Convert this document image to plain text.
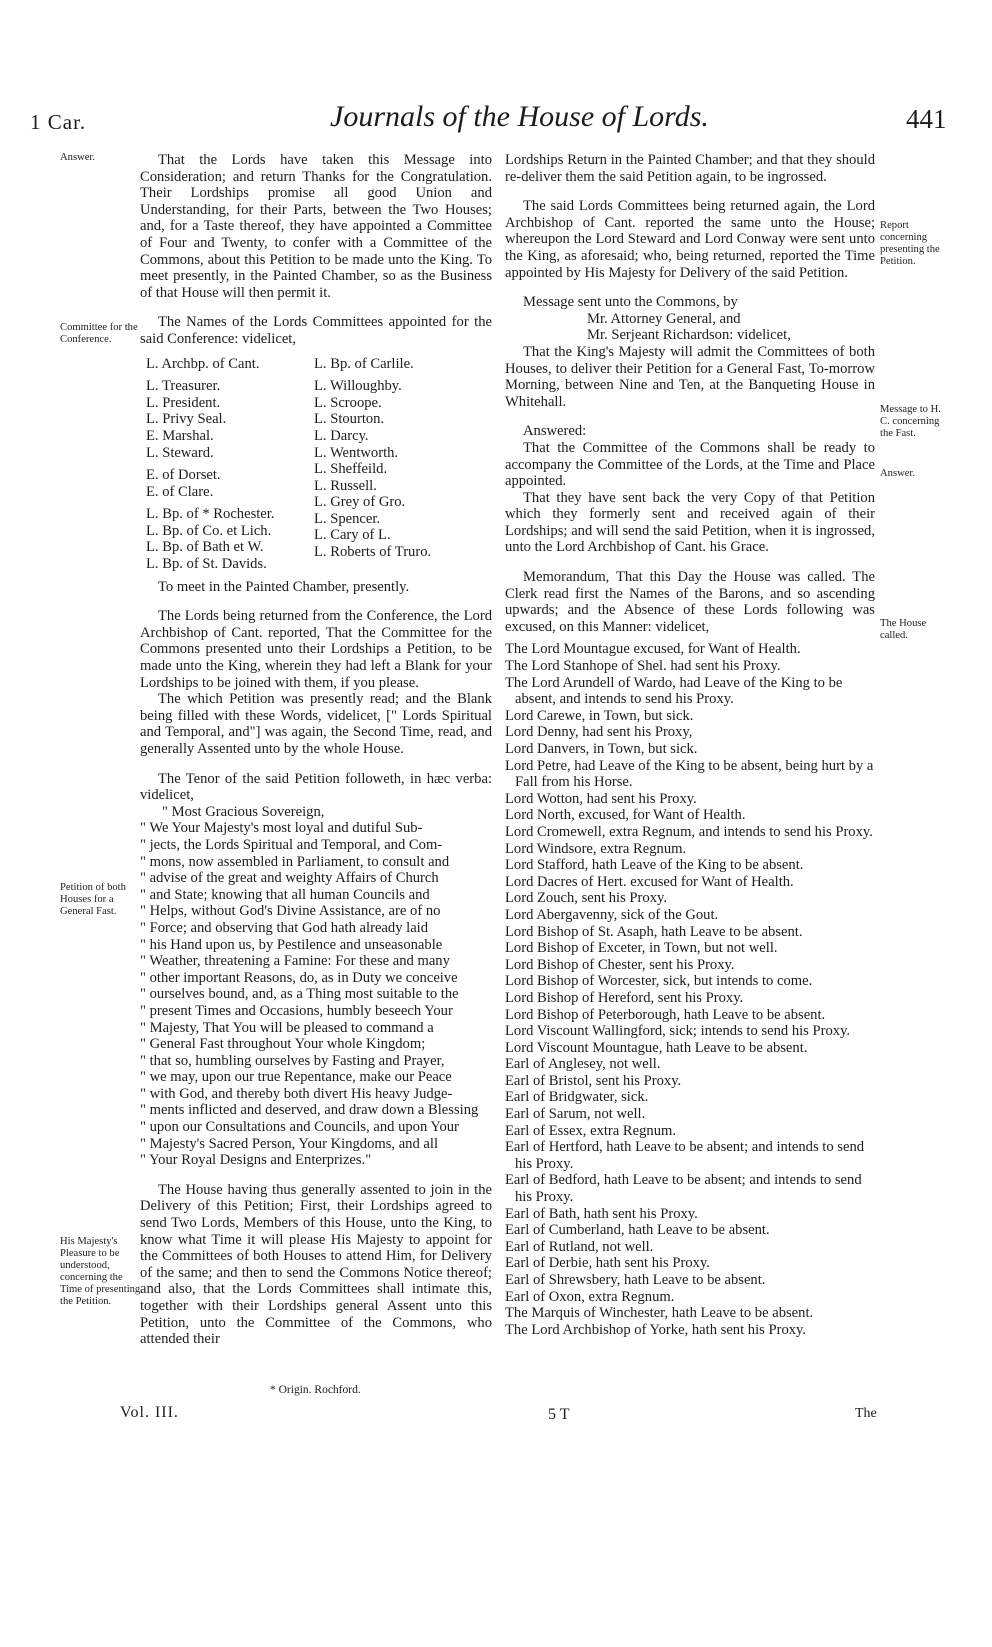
1 Car.	Journals of the House of Lords.	441
Answer.
Committee for the Conference.
Petition of both Houses for a General Fast.
His Majesty's Pleasure to be understood, concerning the Time of presenting the Petition.
Report concerning presenting the Petition.
Message to H. C. concerning the Fast.
Answer.
The House called.

That the Lords have taken this Message into Consideration; and return Thanks for the Congratulation. Their Lordships promise all good Union and Understanding, for their Parts, between the Two Houses; and, for a Taste thereof, they have appointed a Committee of Four and Twenty, to confer with a Committee of the Commons, about this Petition to be made unto the King. To meet presently, in the Painted Chamber, so as the Business of that House will then permit it.

The Names of the Lords Committees appointed for the said Conference: videlicet,

L. Archbp. of Cant.
L. Treasurer.
L. President.
L. Privy Seal.
E. Marshal.
L. Steward.
E. of Dorset.
E. of Clare.
L. Bp. of * Rochester.
L. Bp. of Co. et Lich.
L. Bp. of Bath et W.
L. Bp. of St. Davids.
L. Bp. of Carlile.
L. Willoughby.
L. Scroope.
L. Stourton.
L. Darcy.
L. Wentworth.
L. Sheffeild.
L. Russell.
L. Grey of Gro.
L. Spencer.
L. Cary of L.
L. Roberts of Truro.

To meet in the Painted Chamber, presently.

The Lords being returned from the Conference, the Lord Archbishop of Cant. reported, That the Committee for the Commons presented unto their Lordships a Petition, to be made unto the King, wherein they had left a Blank for your Lordships to be joined with them, if you please.

The which Petition was presently read; and the Blank being filled with these Words, videlicet, [" Lords Spiritual and Temporal, and"] was again, the Second Time, read, and generally Assented unto by the whole House.

The Tenor of the said Petition followeth, in hæc verba: videlicet,

" Most Gracious Sovereign,

" We Your Majesty's most loyal and dutiful Sub-

" jects, the Lords Spiritual and Temporal, and Com-

" mons, now assembled in Parliament, to consult and

" advise of the great and weighty Affairs of Church

" and State; knowing that all human Councils and

" Helps, without God's Divine Assistance, are of no

" Force; and observing that God hath already laid

" his Hand upon us, by Pestilence and unseasonable

" Weather, threatening a Famine: For these and many

" other important Reasons, do, as in Duty we conceive

" ourselves bound, and, as a Thing most suitable to the

" present Times and Occasions, humbly beseech Your

" Majesty, That You will be pleased to command a

" General Fast throughout Your whole Kingdom;

" that so, humbling ourselves by Fasting and Prayer,

" we may, upon our true Repentance, make our Peace

" with God, and thereby both divert His heavy Judge-

" ments inflicted and deserved, and draw down a Blessing

" upon our Consultations and Councils, and upon Your

" Majesty's Sacred Person, Your Kingdoms, and all

" Your Royal Designs and Enterprizes."

The House having thus generally assented to join in the Delivery of this Petition; First, their Lordships agreed to send Two Lords, Members of this House, unto the King, to know what Time it will please His Majesty to appoint for the Committees of both Houses to attend Him, for Delivery of the same; and then to send the Commons Notice thereof; and also, that the Lords Committees shall intimate this, together with their Lordships general Assent unto this Petition, unto the Committee of the Commons, who attended their

Lordships Return in the Painted Chamber; and that they should re-deliver them the said Petition again, to be ingrossed.

The said Lords Committees being returned again, the Lord Archbishop of Cant. reported the same unto the House; whereupon the Lord Steward and Lord Conway were sent unto the King, as aforesaid; who, being returned, reported the Time appointed by His Majesty for Delivery of the said Petition.

Message sent unto the Commons, by

Mr. Attorney General, and

Mr. Serjeant Richardson: videlicet,

That the King's Majesty will admit the Committees of both Houses, to deliver their Petition for a General Fast, To-morrow Morning, between Nine and Ten, at the Banqueting House in Whitehall.

Answered:

That the Committee of the Commons shall be ready to accompany the Committee of the Lords, at the Time and Place appointed.

That they have sent back the very Copy of that Petition which they formerly sent and received again of their Lordships; and will send the said Petition, when it is ingrossed, unto the Lord Archbishop of Cant. his Grace.

Memorandum, That this Day the House was called. The Clerk read first the Names of the Barons, and so ascending upwards; and the Absence of these Lords following was excused, on this Manner: videlicet,

The Lord Mountague excused, for Want of Health.

The Lord Stanhope of Shel. had sent his Proxy.

The Lord Arundell of Wardo, had Leave of the King to be absent, and intends to send his Proxy.

Lord Carewe, in Town, but sick.

Lord Denny, had sent his Proxy,

Lord Danvers, in Town, but sick.

Lord Petre, had Leave of the King to be absent, being hurt by a Fall from his Horse.

Lord Wotton, had sent his Proxy.

Lord North, excused, for Want of Health.

Lord Cromewell, extra Regnum, and intends to send his Proxy.

Lord Windsore, extra Regnum.

Lord Stafford, hath Leave of the King to be absent.

Lord Dacres of Hert. excused for Want of Health.

Lord Zouch, sent his Proxy.

Lord Abergavenny, sick of the Gout.

Lord Bishop of St. Asaph, hath Leave to be absent.

Lord Bishop of Exceter, in Town, but not well.

Lord Bishop of Chester, sent his Proxy.

Lord Bishop of Worcester, sick, but intends to come.

Lord Bishop of Hereford, sent his Proxy.

Lord Bishop of Peterborough, hath Leave to be absent.

Lord Viscount Wallingford, sick; intends to send his Proxy.

Lord Viscount Mountague, hath Leave to be absent.

Earl of Anglesey, not well.

Earl of Bristol, sent his Proxy.

Earl of Bridgwater, sick.

Earl of Sarum, not well.

Earl of Essex, extra Regnum.

Earl of Hertford, hath Leave to be absent; and intends to send his Proxy.

Earl of Bedford, hath Leave to be absent; and intends to send his Proxy.

Earl of Bath, hath sent his Proxy.

Earl of Cumberland, hath Leave to be absent.

Earl of Rutland, not well.

Earl of Derbie, hath sent his Proxy.

Earl of Shrewsbery, hath Leave to be absent.

Earl of Oxon, extra Regnum.

The Marquis of Winchester, hath Leave to be absent.

The Lord Archbishop of Yorke, hath sent his Proxy.

* Origin. Rochford.
Vol. III.	5 T	The
